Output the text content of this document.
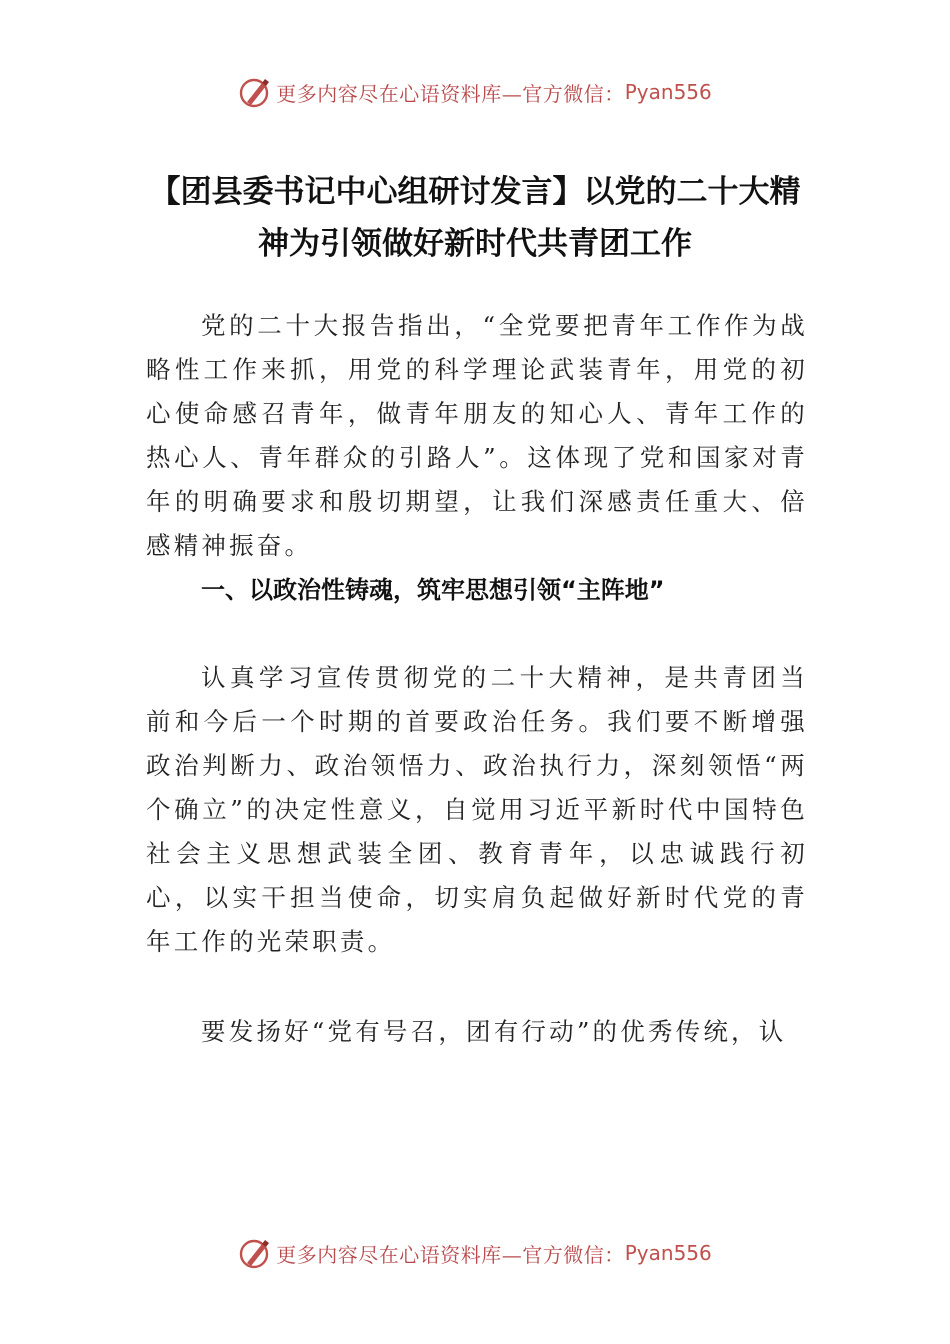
更多内容尽在心语资料库—官方微信： Pyan556
【团县委书记中心组研讨发言】以党的二十大精神为引领做好新时代共青团工作

党的二十大报告指出，“全党要把青年工作作为战略性工作来抓，用党的科学理论武装青年，用党的初心使命感召青年，做青年朋友的知心人、青年工作的热心人、青年群众的引路人”。这体现了党和国家对青年的明确要求和殷切期望，让我们深感责任重大、倍感精神振奋。

一、以政治性铸魂，筑牢思想引领“主阵地”

认真学习宣传贯彻党的二十大精神，是共青团当前和今后一个时期的首要政治任务。我们要不断增强政治判断力、政治领悟力、政治执行力，深刻领悟“两个确立”的决定性意义，自觉用习近平新时代中国特色社会主义思想武装全团、教育青年，以忠诚践行初心，以实干担当使命，切实肩负起做好新时代党的青年工作的光荣职责。

要发扬好“党有号召，团有行动”的优秀传统，认

更多内容尽在心语资料库—官方微信： Pyan556
